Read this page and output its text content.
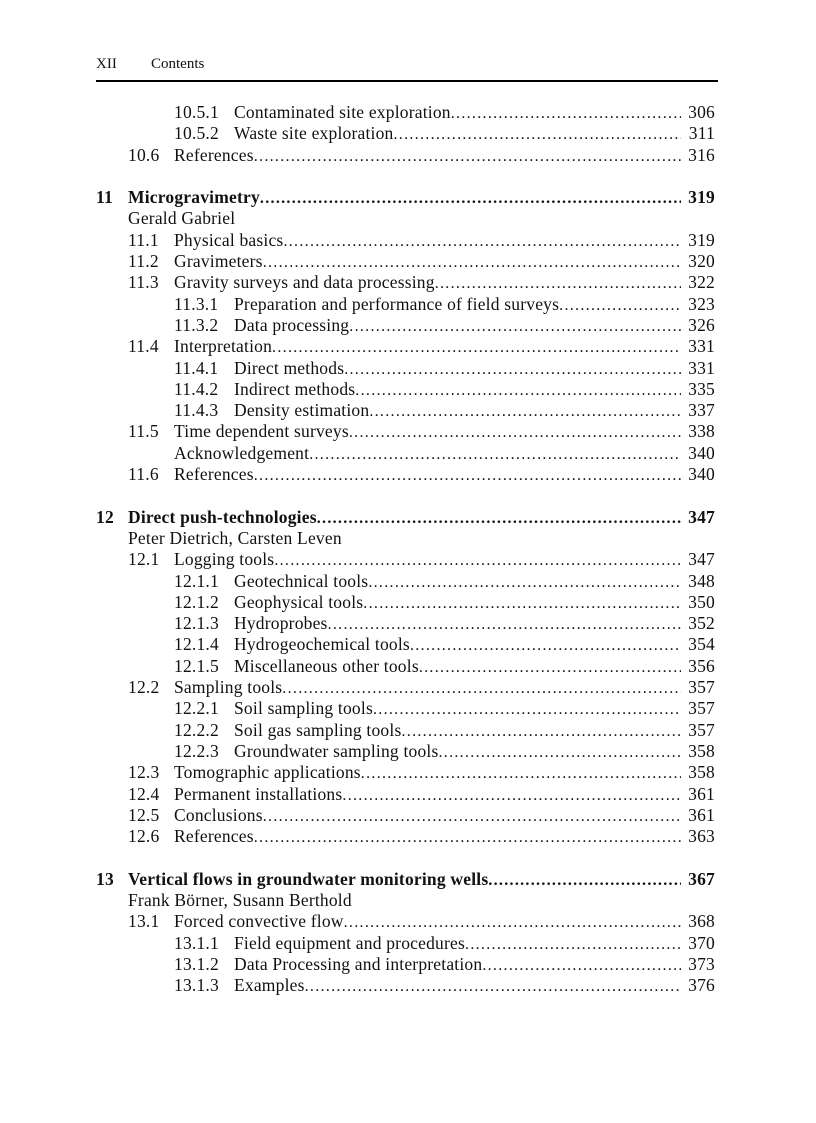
XII Contents
10.5.1 Contaminated site exploration . . .	306
10.5.2 Waste site exploration . . .	311
10.6 References . . .	316
11 Microgravimetry . . .	319
Gerald Gabriel
11.1 Physical basics . . .	319
11.2 Gravimeters . . .	320
11.3 Gravity surveys and data processing . . .	322
11.3.1 Preparation and performance of field surveys . . .	323
11.3.2 Data processing . . .	326
11.4 Interpretation . . .	331
11.4.1 Direct methods . . .	331
11.4.2 Indirect methods . . .	335
11.4.3 Density estimation . . .	337
11.5 Time dependent surveys . . .	338
Acknowledgement . . .	340
11.6 References . . .	340
12 Direct push-technologies . . .	347
Peter Dietrich, Carsten Leven
12.1 Logging tools . . .	347
12.1.1 Geotechnical tools . . .	348
12.1.2 Geophysical tools . . .	350
12.1.3 Hydroprobes . . .	352
12.1.4 Hydrogeochemical tools . . .	354
12.1.5 Miscellaneous other tools . . .	356
12.2 Sampling tools . . .	357
12.2.1 Soil sampling tools . . .	357
12.2.2 Soil gas sampling tools . . .	357
12.2.3 Groundwater sampling tools . . .	358
12.3 Tomographic applications . . .	358
12.4 Permanent installations . . .	361
12.5 Conclusions . . .	361
12.6 References . . .	363
13 Vertical flows in groundwater monitoring wells . . .	367
Frank Börner, Susann Berthold
13.1 Forced convective flow . . .	368
13.1.1 Field equipment and procedures . . .	370
13.1.2 Data Processing and interpretation . . .	373
13.1.3 Examples . . .	376
